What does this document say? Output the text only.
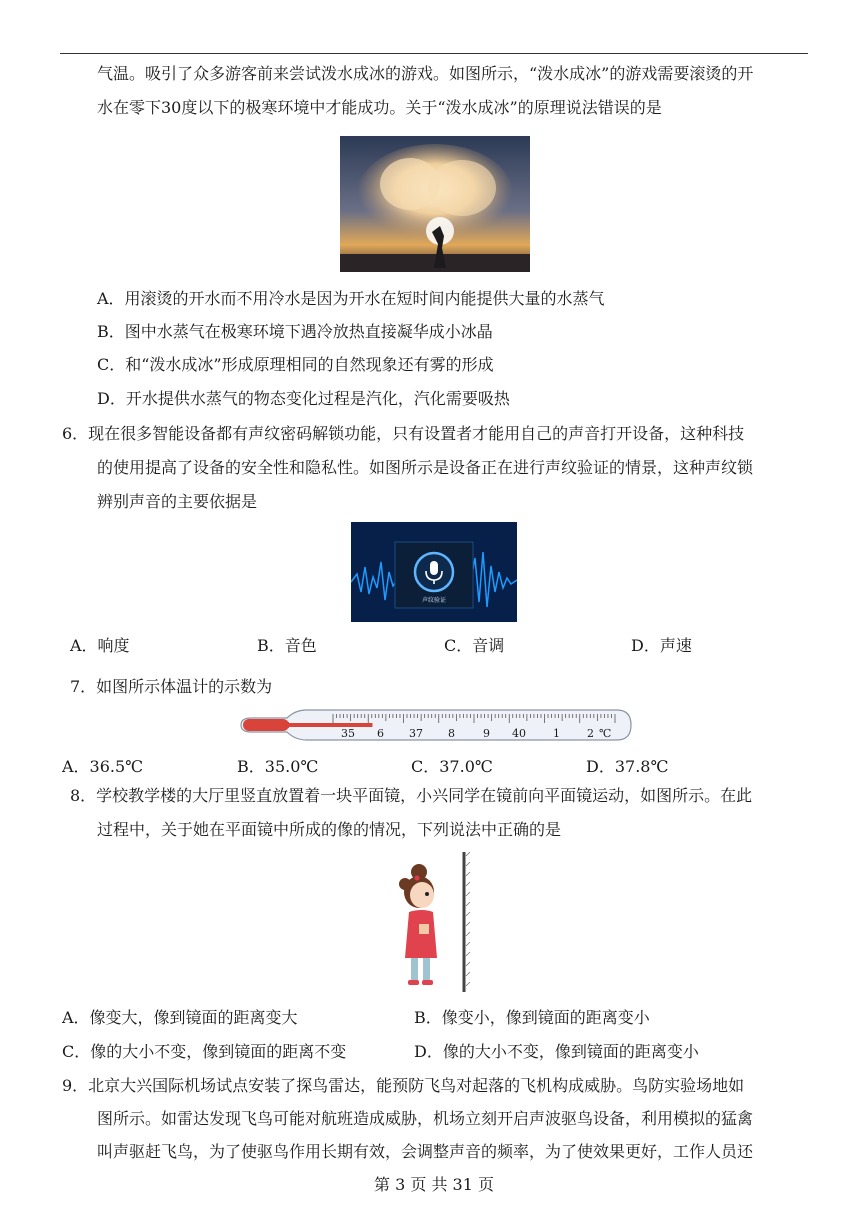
气温。吸引了众多游客前来尝试泼水成冰的游戏。如图所示，“泼水成冰”的游戏需要滚烫的开
水在零下30度以下的极寒环境中才能成功。关于“泼水成冰”的原理说法错误的是
A．用滚烫的开水而不用冷水是因为开水在短时间内能提供大量的水蒸气
B．图中水蒸气在极寒环境下遇冷放热直接凝华成小冰晶
C．和“泼水成冰”形成原理相同的自然现象还有雾的形成
D．开水提供水蒸气的物态变化过程是汽化，汽化需要吸热
6．现在很多智能设备都有声纹密码解锁功能，只有设置者才能用自己的声音打开设备，这种科技
的使用提高了设备的安全性和隐私性。如图所示是设备正在进行声纹验证的情景，这种声纹锁
辨别声音的主要依据是
声纹验证
A．响度	B．音色	C．音调	D．声速
7．如图所示体温计的示数为
35 6 37 8	9 40 1 2 ℃
A．36.5℃	B．35.0℃	C．37.0℃	D．37.8℃
8．学校教学楼的大厅里竖直放置着一块平面镜，小兴同学在镜前向平面镜运动，如图所示。在此
过程中，关于她在平面镜中所成的像的情况，下列说法中正确的是
A．像变大，像到镜面的距离变大	B．像变小，像到镜面的距离变小
C．像的大小不变，像到镜面的距离不变	D．像的大小不变，像到镜面的距离变小
9．北京大兴国际机场试点安装了探鸟雷达，能预防飞鸟对起落的飞机构成威胁。鸟防实验场地如
图所示。如雷达发现飞鸟可能对航班造成威胁，机场立刻开启声波驱鸟设备，利用模拟的猛禽
叫声驱赶飞鸟，为了使驱鸟作用长期有效，会调整声音的频率，为了使效果更好，工作人员还
第 3 页 共 31 页
